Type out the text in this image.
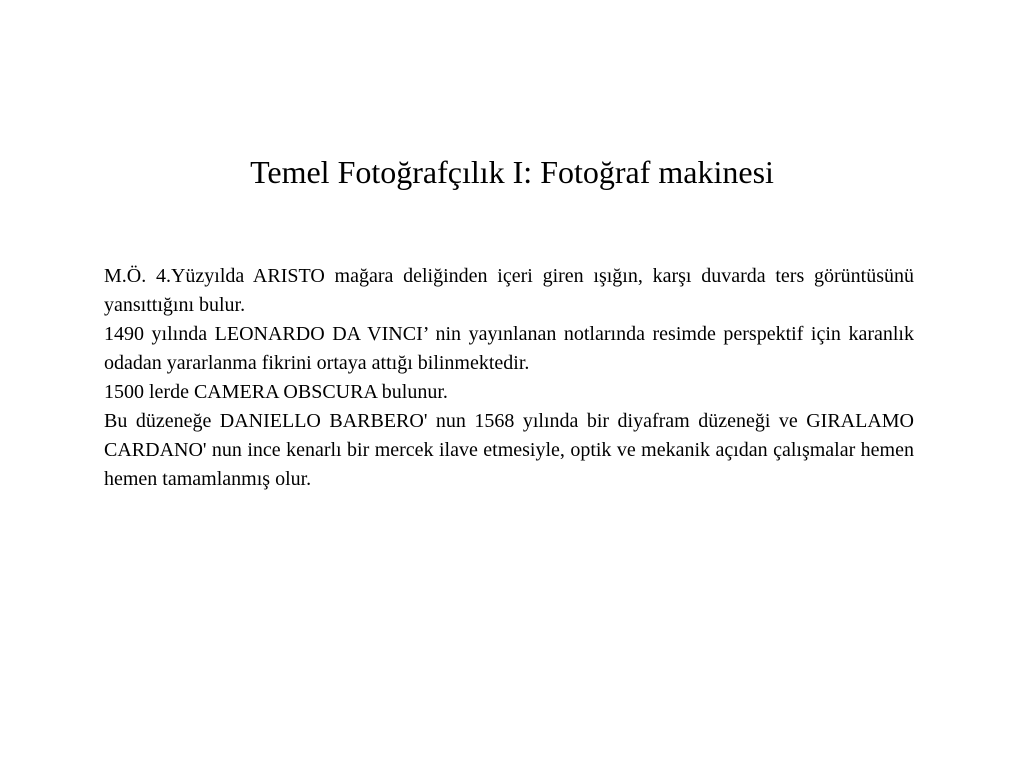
Temel Fotoğrafçılık I: Fotoğraf makinesi

M.Ö. 4.Yüzyılda ARISTO mağara deliğinden içeri giren ışığın, karşı duvarda ters görüntüsünü yansıttığını bulur.

1490 yılında LEONARDO DA VINCI’ nin yayınlanan notlarında resimde perspektif için karanlık odadan yararlanma fikrini ortaya attığı bilinmektedir.

1500 lerde CAMERA OBSCURA bulunur.

Bu düzeneğe DANIELLO BARBERO' nun 1568 yılında bir diyafram düzeneği ve GIRALAMO CARDANO' nun ince kenarlı bir mercek ilave etmesiyle, optik ve mekanik açıdan çalışmalar hemen hemen tamamlanmış olur.
